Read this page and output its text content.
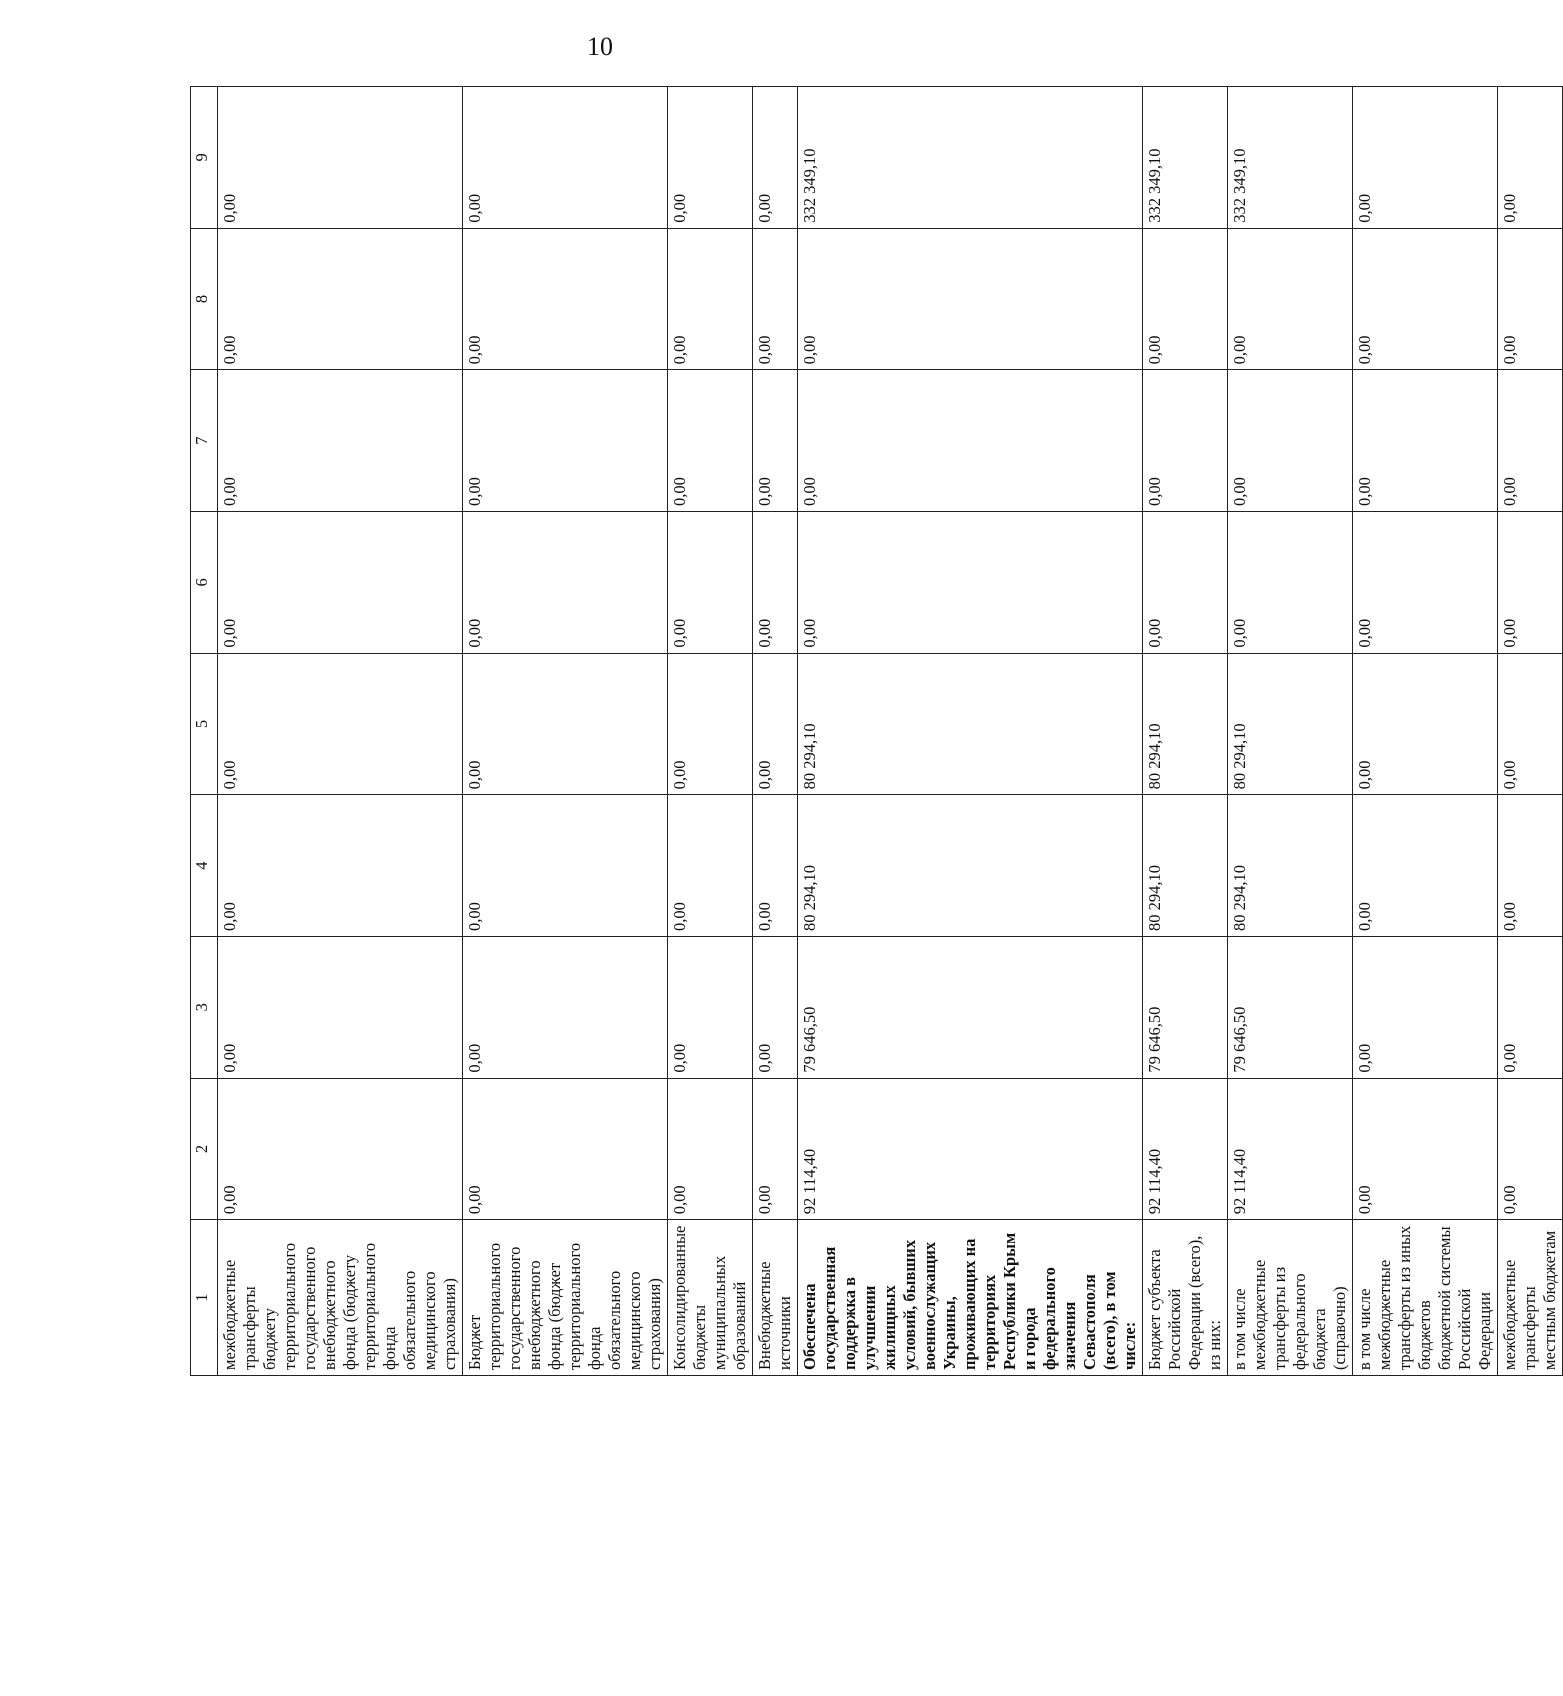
10
1	2	3	4	5	6	7	8	9
межбюджетные трансферты бюджету территориального государственного внебюджетного фонда (бюджету территориального фонда обязательного медицинского страхования)	0,00	0,00	0,00	0,00	0,00	0,00	0,00	0,00
Бюджет территориального государственного внебюджетного фонда (бюджет территориального фонда обязательного медицинского страхования)	0,00	0,00	0,00	0,00	0,00	0,00	0,00	0,00
Консолидированные бюджеты муниципальных образований	0,00	0,00	0,00	0,00	0,00	0,00	0,00	0,00
Внебюджетные источники	0,00	0,00	0,00	0,00	0,00	0,00	0,00	0,00
Обеспечена государственная поддержка в улучшении жилищных условий, бывших военнослужащих Украины, проживающих на территориях Республики Крым и города федерального значения Севастополя (всего), в том числе:	92 114,40	79 646,50	80 294,10	80 294,10	0,00	0,00	0,00	332 349,10
Бюджет субъекта Российской Федерации (всего), из них:	92 114,40	79 646,50	80 294,10	80 294,10	0,00	0,00	0,00	332 349,10
в том числе межбюджетные трансферты из федерального бюджета (справочно)	92 114,40	79 646,50	80 294,10	80 294,10	0,00	0,00	0,00	332 349,10
в том числе межбюджетные трансферты из иных бюджетов бюджетной системы Российской Федерации	0,00	0,00	0,00	0,00	0,00	0,00	0,00	0,00
межбюджетные трансферты местным бюджетам	0,00	0,00	0,00	0,00	0,00	0,00	0,00	0,00
